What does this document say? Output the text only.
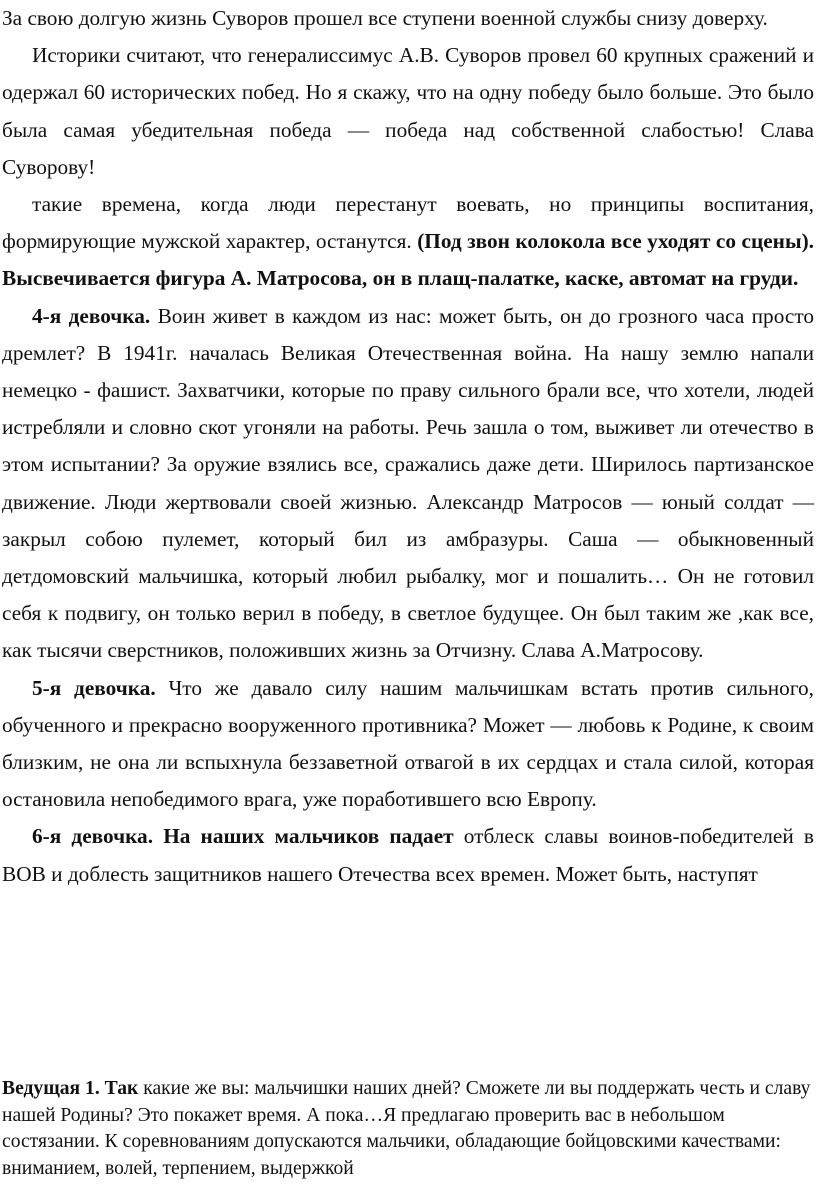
За свою долгую жизнь Суворов прошел все ступени военной службы снизу доверху.

Историки считают, что генералиссимус А.В. Суворов провел 60 крупных сражений и одержал 60 исторических побед. Но я скажу, что на одну победу было больше. Это было была самая убедительная победа — победа над собственной слабостью! Слава Суворову!

такие времена, когда люди перестанут воевать, но принципы воспитания, формирующие мужской характер, останутся. (Под звон колокола все уходят со сцены). Высвечивается фигура А. Матросова, он в плащ-палатке, каске, автомат на груди.

4-я девочка. Воин живет в каждом из нас: может быть, он до грозного часа просто дремлет? В 1941г. началась Великая Отечественная война. На нашу землю напали немецко - фашист. Захватчики, которые по праву сильного брали все, что хотели, людей истребляли и словно скот угоняли на работы. Речь зашла о том, выживет ли отечество в этом испытании? За оружие взялись все, сражались даже дети. Ширилось партизанское движение. Люди жертвовали своей жизнью. Александр Матросов — юный солдат — закрыл собою пулемет, который бил из амбразуры. Саша — обыкновенный детдомовский мальчишка, который любил рыбалку, мог и пошалить… Он не готовил себя к подвигу, он только верил в победу, в светлое будущее. Он был таким же ,как все, как тысячи сверстников, положивших жизнь за Отчизну. Слава А.Матросову.

5-я девочка. Что же давало силу нашим мальчишкам встать против сильного, обученного и прекрасно вооруженного противника? Может — любовь к Родине, к своим близким, не она ли вспыхнула беззаветной отвагой в их сердцах и стала силой, которая остановила непобедимого врага, уже поработившего всю Европу.

6-я девочка. На наших мальчиков падает отблеск славы воинов-победителей в ВОВ и доблесть защитников нашего Отечества всех времен. Может быть, наступят

Ведущая 1. Так какие же вы: мальчишки наших дней? Сможете ли вы поддержать честь и славу нашей Родины? Это покажет время. А пока…Я предлагаю проверить вас в небольшом состязании. К соревнованиям допускаются мальчики, обладающие бойцовскими качествами: вниманием, волей, терпением, выдержкой
